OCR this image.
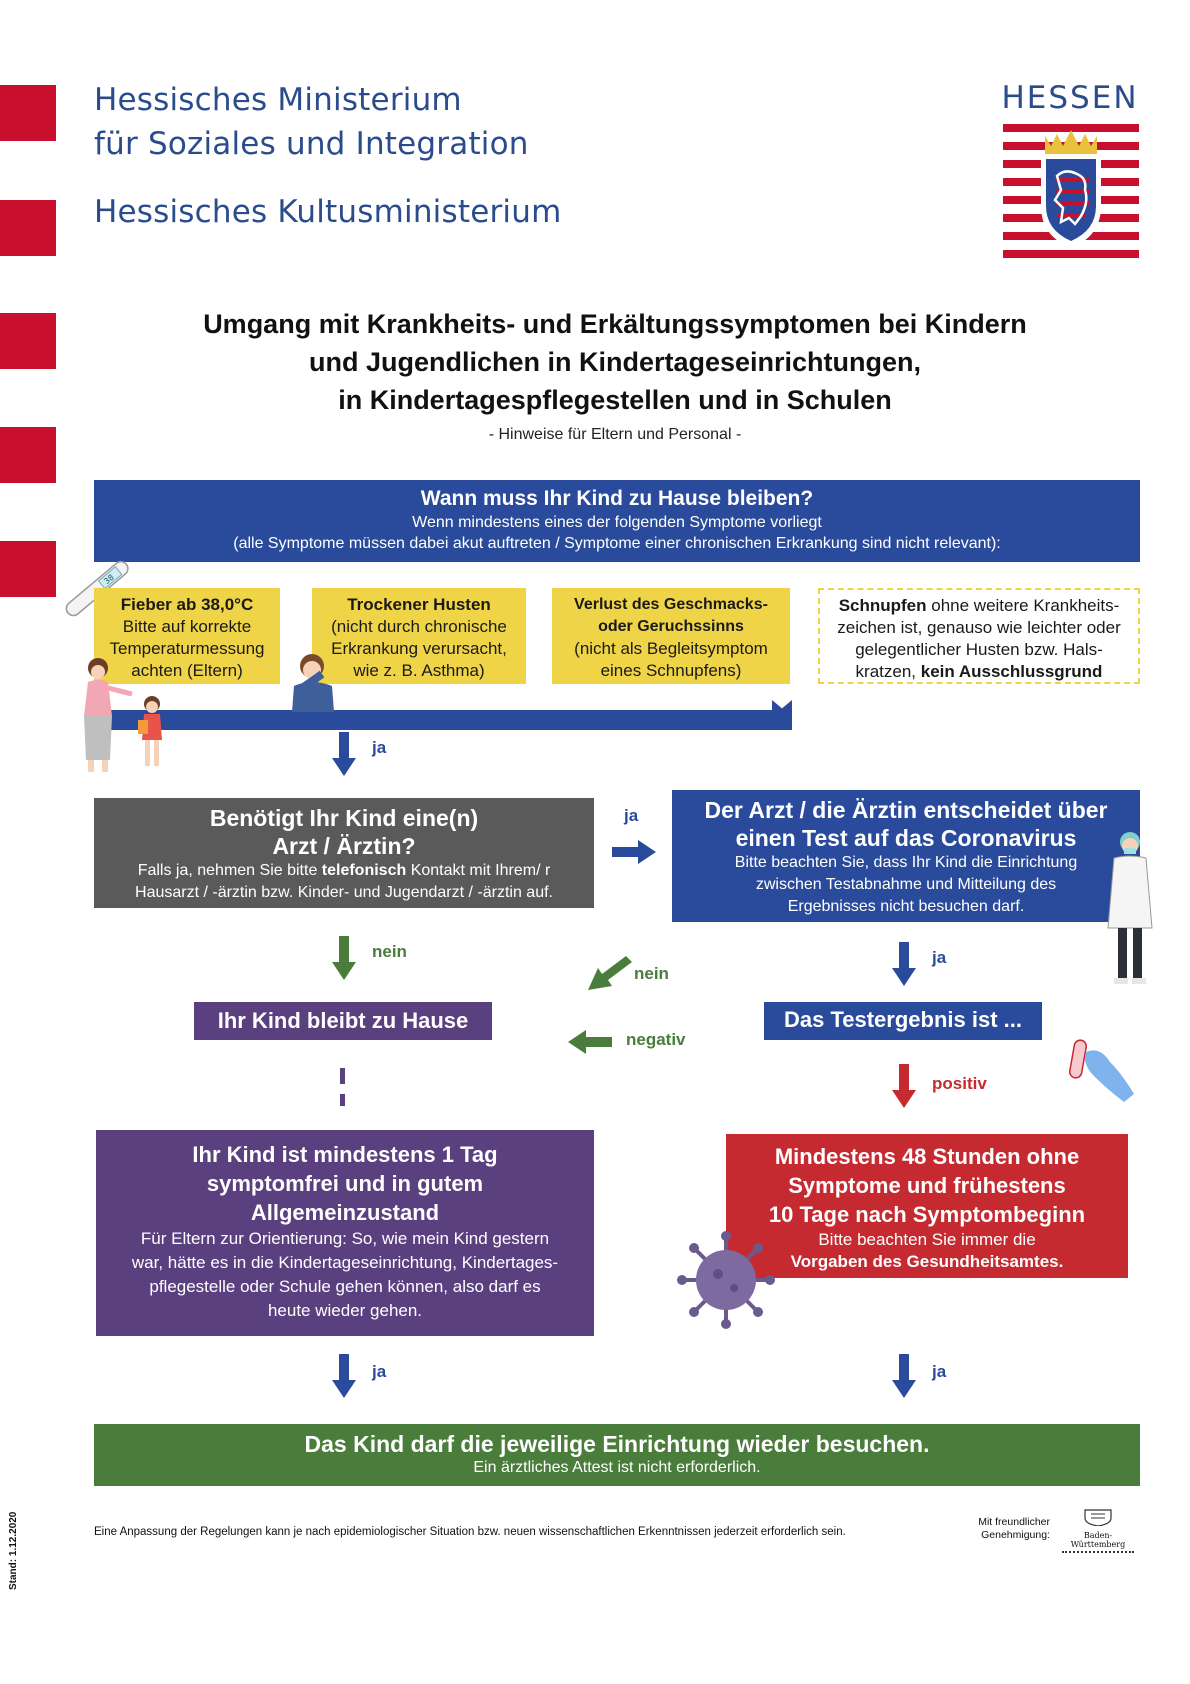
Hessisches Ministerium
für Soziales und Integration
Hessisches Kultusministerium
HESSEN
Umgang mit Krankheits- und Erkältungssymptomen bei Kindern
und Jugendlichen in Kindertageseinrichtungen,
in Kindertagespflegestellen und in Schulen
- Hinweise für Eltern und Personal -
Wann muss Ihr Kind zu Hause bleiben?
Wenn mindestens eines der folgenden Symptome vorliegt
(alle Symptome müssen dabei akut auftreten / Symptome einer chronischen Erkrankung sind nicht relevant):
38
Fieber ab 38,0°C
Bitte auf korrekte
Temperaturmessung
achten (Eltern)
Trockener Husten
(nicht durch chronische
Erkrankung verursacht,
wie z. B. Asthma)
Verlust des Geschmacks-
oder Geruchssinns
(nicht als Begleitsymptom
eines Schnupfens)
Schnupfen ohne weitere Krankheits-
zeichen ist, genauso wie leichter oder
gelegentlicher Husten bzw. Hals-
kratzen, kein Ausschlussgrund
ja
Benötigt Ihr Kind eine(n)
Arzt / Ärztin?
Falls ja, nehmen Sie bitte telefonisch Kontakt mit Ihrem/ r
Hausarzt / -ärztin bzw. Kinder- und Jugendarzt / -ärztin auf.
ja	Der Arzt / die Ärztin entscheidet über
einen Test auf das Coronavirus
Bitte beachten Sie, dass Ihr Kind die Einrichtung
zwischen Testabnahme und Mitteilung des
Ergebnisses nicht besuchen darf.
nein	ja
nein
Ihr Kind bleibt zu Hause	Das Testergebnis ist ...
negativ
positiv
Ihr Kind ist mindestens 1 Tag
symptomfrei und in gutem
Allgemeinzustand
Für Eltern zur Orientierung: So, wie mein Kind gestern
war, hätte es in die Kindertageseinrichtung, Kindertages-
pflegestelle oder Schule gehen können, also darf es
heute wieder gehen.
Mindestens 48 Stunden ohne
Symptome und frühestens
10 Tage nach Symptombeginn
Bitte beachten Sie immer die
Vorgaben des Gesundheitsamtes.
ja	ja
Das Kind darf die jeweilige Einrichtung wieder besuchen.
Ein ärztliches Attest ist nicht erforderlich.
Eine Anpassung der Regelungen kann je nach epidemiologischer Situation bzw. neuen wissenschaftlichen Erkenntnissen jederzeit erforderlich sein.
Mit freundlicher
Genehmigung:	Baden-Württemberg
Stand: 1.12.2020
